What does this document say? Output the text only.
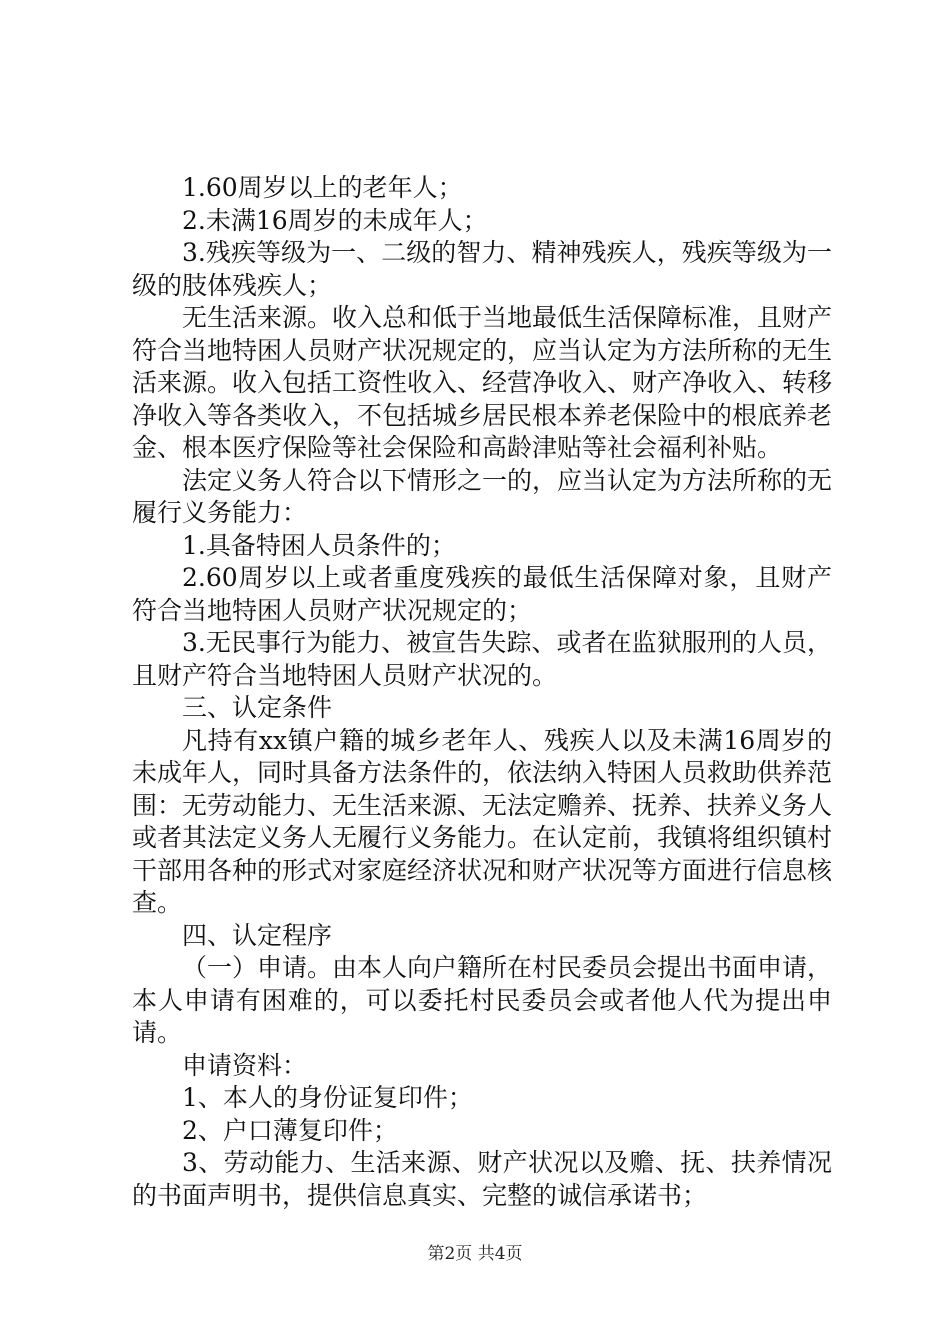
1.60周岁以上的老年人；

2.未满16周岁的未成年人；

3.残疾等级为一、二级的智力、精神残疾人，残疾等级为一级的肢体残疾人；

无生活来源。收入总和低于当地最低生活保障标准，且财产符合当地特困人员财产状况规定的，应当认定为方法所称的无生活来源。收入包括工资性收入、经营净收入、财产净收入、转移净收入等各类收入，不包括城乡居民根本养老保险中的根底养老金、根本医疗保险等社会保险和高龄津贴等社会福利补贴。

法定义务人符合以下情形之一的，应当认定为方法所称的无履行义务能力：

1.具备特困人员条件的；

2.60周岁以上或者重度残疾的最低生活保障对象，且财产符合当地特困人员财产状况规定的；

3.无民事行为能力、被宣告失踪、或者在监狱服刑的人员，且财产符合当地特困人员财产状况的。

三、认定条件

凡持有xx镇户籍的城乡老年人、残疾人以及未满16周岁的未成年人，同时具备方法条件的，依法纳入特困人员救助供养范围：无劳动能力、无生活来源、无法定赡养、抚养、扶养义务人或者其法定义务人无履行义务能力。在认定前，我镇将组织镇村干部用各种的形式对家庭经济状况和财产状况等方面进行信息核查。

四、认定程序

（一）申请。由本人向户籍所在村民委员会提出书面申请，本人申请有困难的，可以委托村民委员会或者他人代为提出申请。

申请资料：

1、本人的身份证复印件；

2、户口薄复印件；

3、劳动能力、生活来源、财产状况以及赡、抚、扶养情况的书面声明书，提供信息真实、完整的诚信承诺书；

第2页 共4页
